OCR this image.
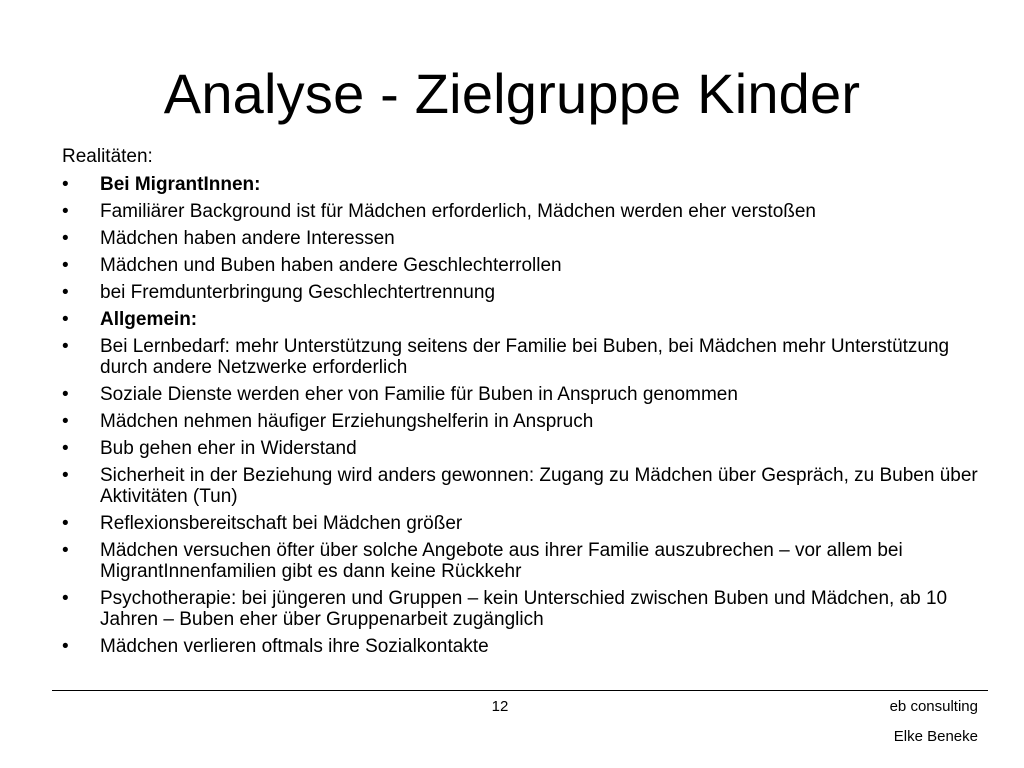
Analyse - Zielgruppe Kinder

Realitäten:

•	Bei MigrantInnen:
•	Familiärer Background ist für Mädchen erforderlich, Mädchen werden eher verstoßen
•	Mädchen haben andere Interessen
•	Mädchen und Buben haben andere Geschlechterrollen
•	bei Fremdunterbringung Geschlechtertrennung
•	Allgemein:
•	Bei Lernbedarf: mehr Unterstützung seitens der Familie bei Buben, bei Mädchen mehr Unterstützung durch andere Netzwerke erforderlich
•	Soziale Dienste werden eher von Familie für Buben in Anspruch genommen
•	Mädchen nehmen häufiger Erziehungshelferin in Anspruch
•	Bub gehen eher in Widerstand
•	Sicherheit in der Beziehung wird anders gewonnen: Zugang zu Mädchen über Gespräch, zu Buben über Aktivitäten (Tun)
•	Reflexionsbereitschaft bei Mädchen größer
•	Mädchen versuchen öfter über solche Angebote aus ihrer Familie auszubrechen – vor allem bei MigrantInnenfamilien gibt es dann keine Rückkehr
•	Psychotherapie: bei jüngeren und Gruppen – kein Unterschied zwischen Buben und Mädchen, ab 10 Jahren – Buben eher über Gruppenarbeit zugänglich
•	Mädchen verlieren oftmals ihre Sozialkontakte
12	eb consulting
Elke Beneke
